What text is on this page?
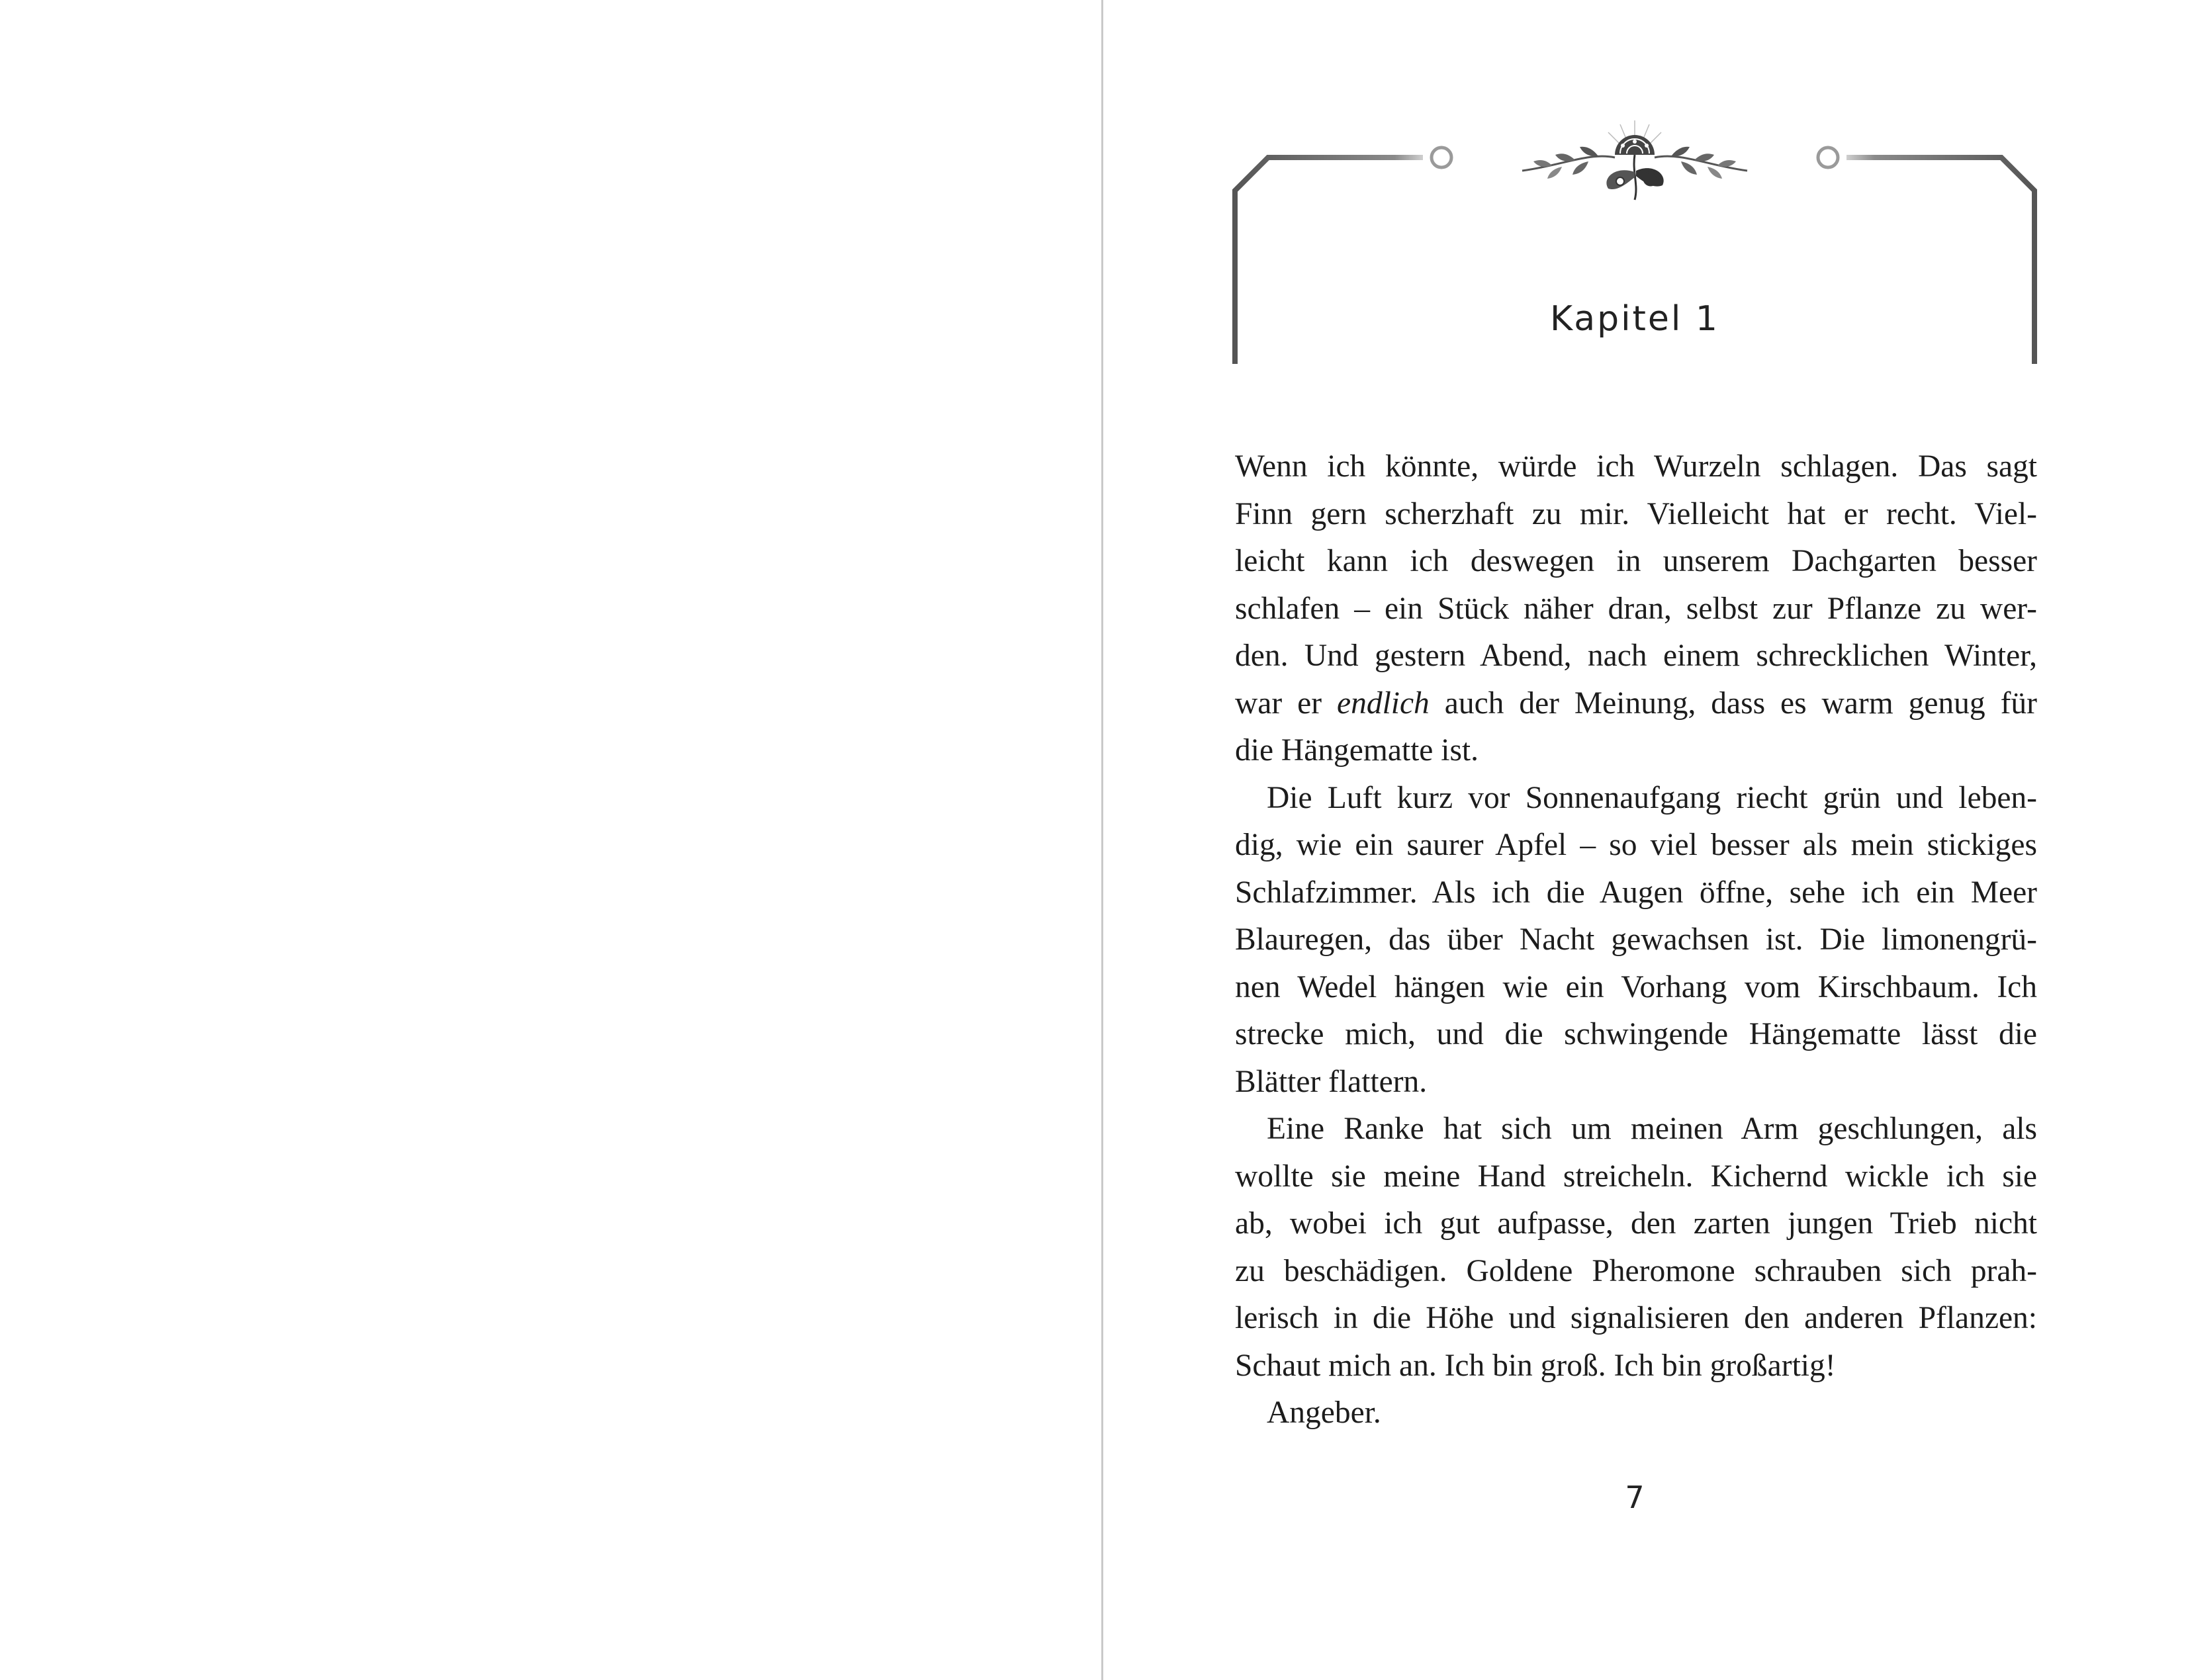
Kapitel 1
Wenn ich könnte, würde ich Wurzeln schlagen. Das sagt
Finn gern scherzhaft zu mir. Vielleicht hat er recht. Viel-
leicht kann ich deswegen in unserem Dachgarten besser
schlafen – ein Stück näher dran, selbst zur Pflanze zu wer-
den. Und gestern Abend, nach einem schrecklichen Winter,
war er endlich auch der Meinung, dass es warm genug für
die Hängematte ist.
Die Luft kurz vor Sonnenaufgang riecht grün und leben-
dig, wie ein saurer Apfel – so viel besser als mein stickiges
Schlafzimmer. Als ich die Augen öffne, sehe ich ein Meer
Blauregen, das über Nacht gewachsen ist. Die limonengrü-
nen Wedel hängen wie ein Vorhang vom Kirschbaum. Ich
strecke mich, und die schwingende Hängematte lässt die
Blätter flattern.
Eine Ranke hat sich um meinen Arm geschlungen, als
wollte sie meine Hand streicheln. Kichernd wickle ich sie
ab, wobei ich gut aufpasse, den zarten jungen Trieb nicht
zu beschädigen. Goldene Pheromone schrauben sich prah-
lerisch in die Höhe und signalisieren den anderen Pflanzen:
Schaut mich an. Ich bin groß. Ich bin großartig!
Angeber.
7
